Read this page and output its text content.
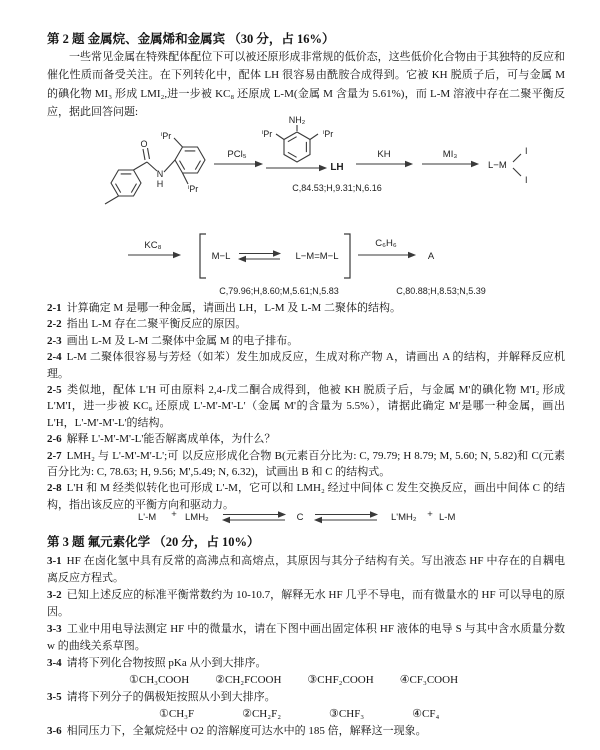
第 2 题 金属烷、金属烯和金属宾 （30 分，占 16%）

一些常见金属在特殊配体配位下可以被还原形成非常规的低价态，这些低价化合物由于其独特的反应和催化性质而备受关注。在下列转化中，配体 LH 很容易由酰胺合成得到。它被 KH 脱质子后，可与金属 M 的碘化物 MI₃ 形成 LMI₂,进一步被 KC₈ 还原成 L-M(金属 M 含量为 5.61%)，而 L-M 溶液中存在二聚平衡反应，据此回答问题:

O
N
H
ⁱPr
ⁱPr
PCl₅
NH₂
ⁱPr	ⁱPr
LH
C,84.53;H,9.31;N,6.16
KH	MI₃
L−M
I
I
KC₈
M−L	L−M=M−L
C₆H₆
A
C,79.96;H,8.60;M,5.61;N,5.83	C,80.88;H,8.53;N,5.39

2-1 计算确定 M 是哪一种金属，请画出 LH，L-M 及 L-M 二聚体的结构。

2-2 指出 L-M 存在二聚平衡反应的原因。

2-3 画出 L-M 及 L-M 二聚体中金属 M 的电子排布。

2-4 L-M 二聚体很容易与芳烃（如苯）发生加成反应，生成对称产物 A，请画出 A 的结构，并解释反应机理。

2-5 类似地，配体 L'H 可由原料 2,4-戊二酮合成得到，他被 KH 脱质子后，与金属 M'的碘化物 M'I₂ 形成 L'M'I，进一步被 KC₈ 还原成 L'-M'-M'-L'（金属 M'的含量为 5.5%），请据此确定 M'是哪一种金属，画出 L'H，L'-M'-M'-L'的结构。

2-6 解释 L'-M'-M'-L'能否解离成单体，为什么？

2-7 LMH₂ 与 L'-M'-M'-L';可 以反应形成化合物 B(元素百分比为: C, 79.79; H 8.79; M, 5.60; N, 5.82)和 C(元素百分比为: C, 78.63; H, 9.56; M',5.49; N, 6.32)，试画出 B 和 C 的结构式。

2-8 L'H 和 M 经类似转化也可形成 L'-M，它可以和 LMH₂ 经过中间体 C 发生交换反应，画出中间体 C 的结构，指出该反应的平衡方向和驱动力。

L'-M + LMH₂	C	L'MH₂ + L-M

第 3 题 氟元素化学 （20 分，占 10%）

3-1 HF 在卤化氢中具有反常的高沸点和高熔点，其原因与其分子结构有关。写出液态 HF 中存在的自耦电离反应方程式。

3-2 已知上述反应的标准平衡常数约为 10-10.7，解释无水 HF 几乎不导电，而有微量水的 HF 可以导电的原因。

3-3 工业中用电导法测定 HF 中的微量水，请在下图中画出固定体积 HF 液体的电导 S 与其中含水质量分数 w 的曲线关系草图。

3-4 请将下列化合物按照 pKa 从小到大排序。

①CH₃COOH ②CH₂FCOOH ③CHF₂COOH ④CF₃COOH

3-5 请将下列分子的偶极矩按照从小到大排序。

①CH₃F	②CH₂F₂	③CHF₃	④CF₄

3-6 相同压力下，全氟烷烃中 O2 的溶解度可达水中的 185 倍，解释这一现象。
